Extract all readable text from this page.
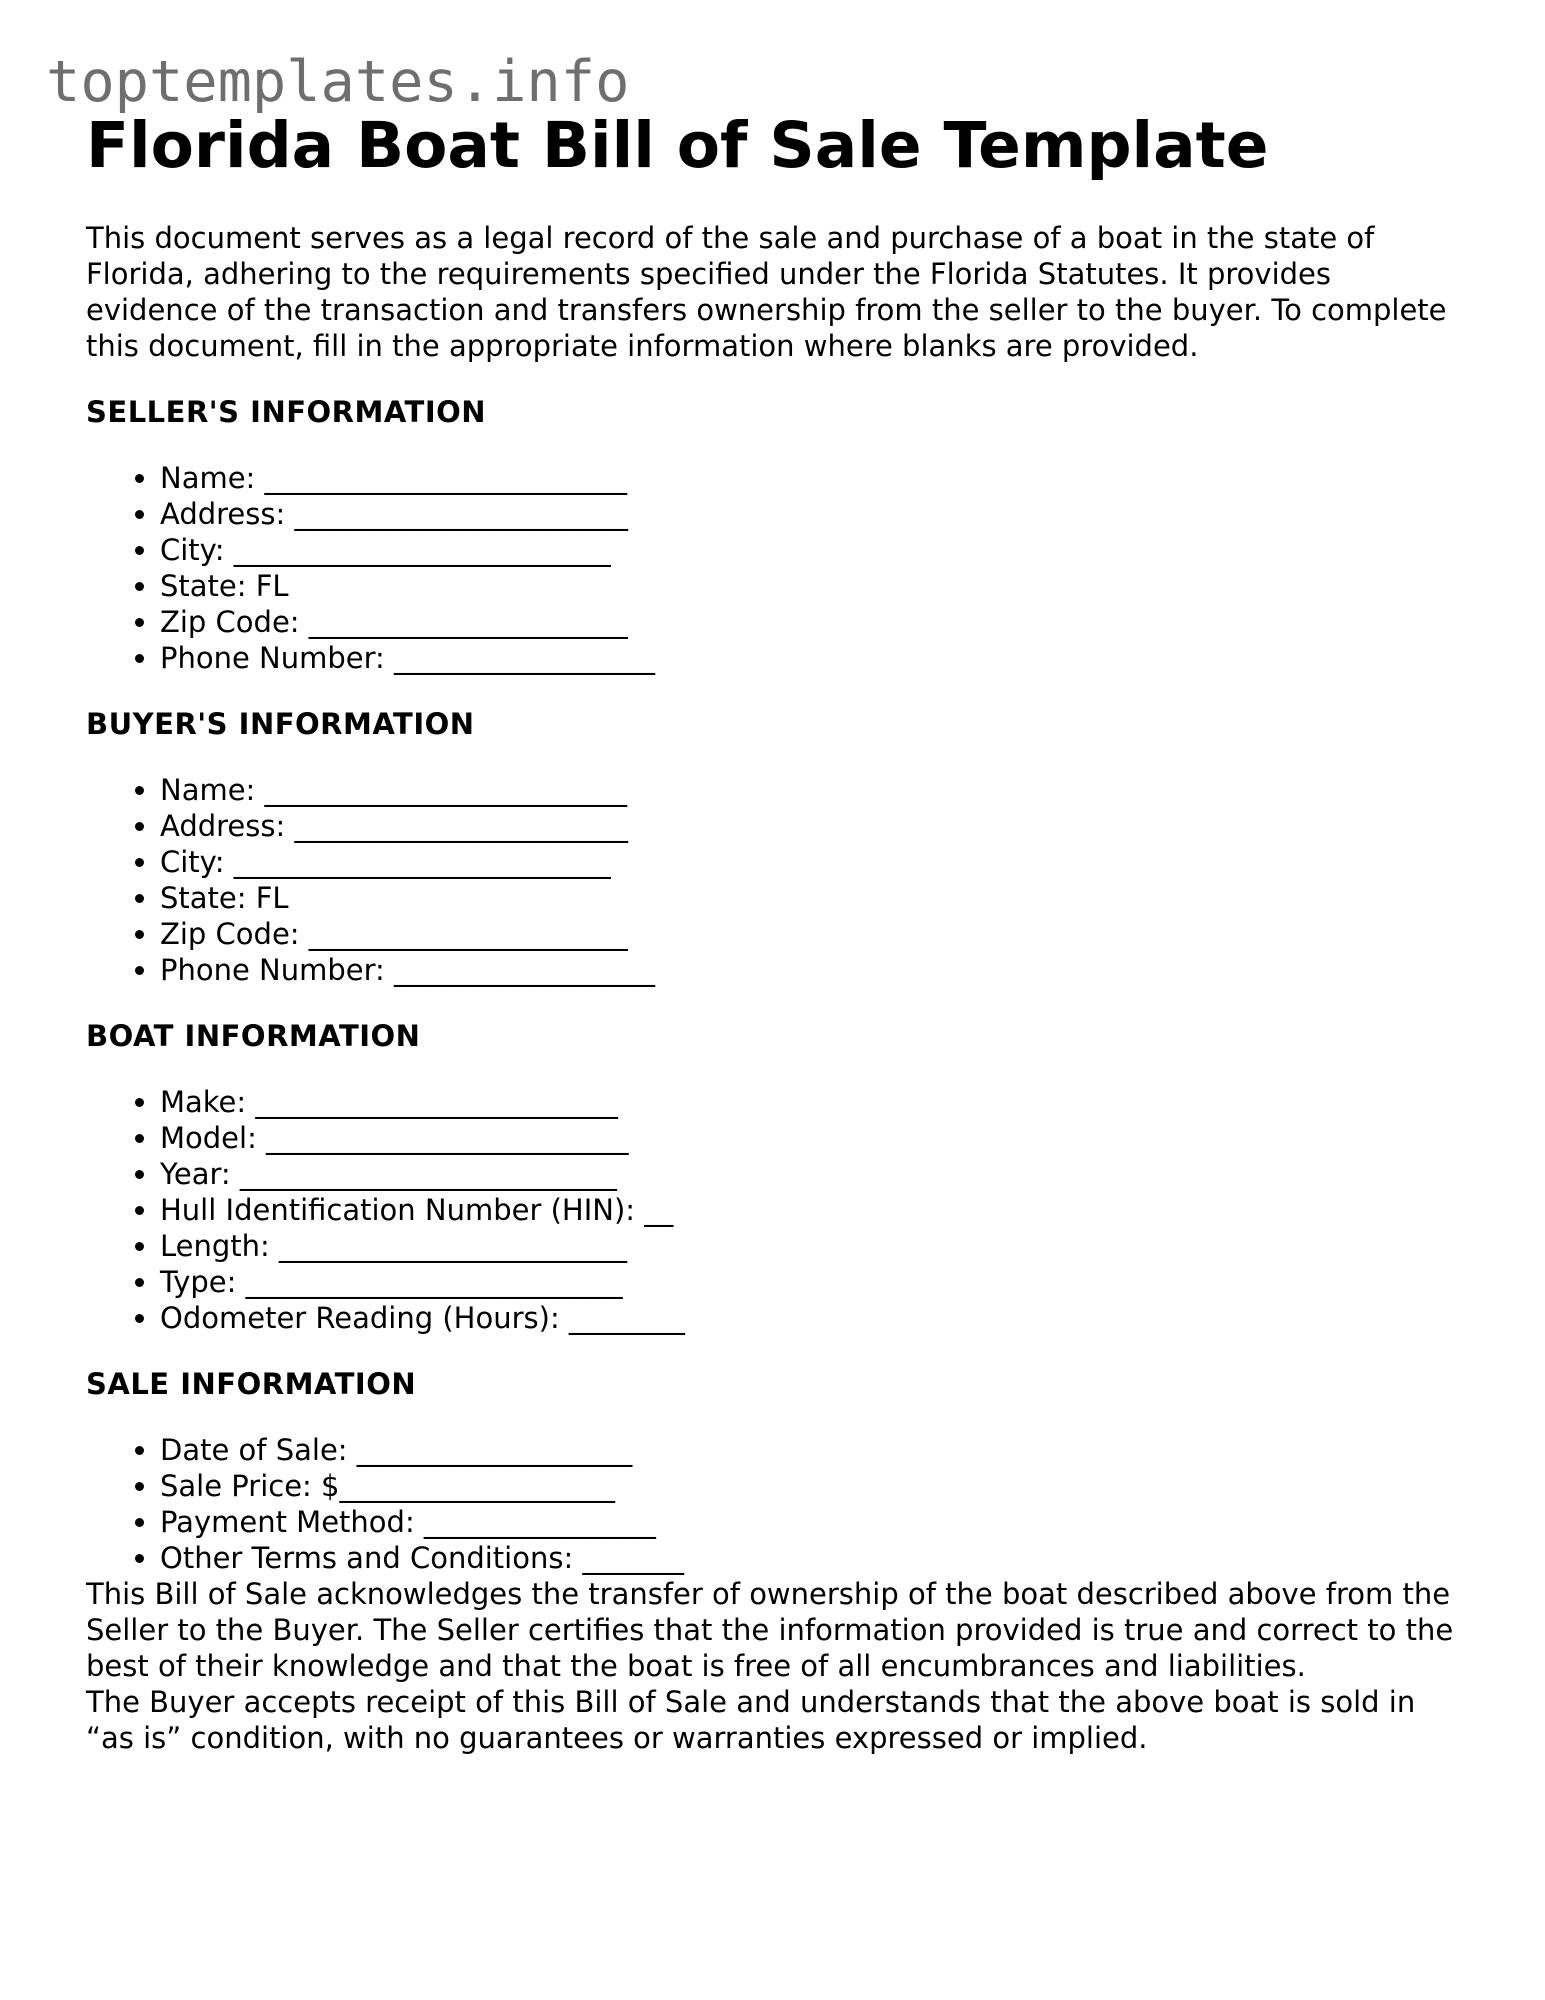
toptemplates.info
Florida Boat Bill of Sale Template

This document serves as a legal record of the sale and purchase of a boat in the state of Florida, adhering to the requirements specified under the Florida Statutes. It provides evidence of the transaction and transfers ownership from the seller to the buyer. To complete this document, fill in the appropriate information where blanks are provided.

SELLER'S INFORMATION
• Name: _________________________
• Address: _______________________
• City: __________________________
• State: FL
• Zip Code: ______________________
• Phone Number: __________________
BUYER'S INFORMATION
• Name: _________________________
• Address: _______________________
• City: __________________________
• State: FL
• Zip Code: ______________________
• Phone Number: __________________
BOAT INFORMATION
• Make: _________________________
• Model: _________________________
• Year: __________________________
• Hull Identification Number (HIN): __
• Length: ________________________
• Type: __________________________
• Odometer Reading (Hours): ________
SALE INFORMATION
• Date of Sale: ___________________
• Sale Price: $___________________
• Payment Method: ________________
• Other Terms and Conditions: _______

This Bill of Sale acknowledges the transfer of ownership of the boat described above from the Seller to the Buyer. The Seller certifies that the information provided is true and correct to the best of their knowledge and that the boat is free of all encumbrances and liabilities.

The Buyer accepts receipt of this Bill of Sale and understands that the above boat is sold in “as is” condition, with no guarantees or warranties expressed or implied.
